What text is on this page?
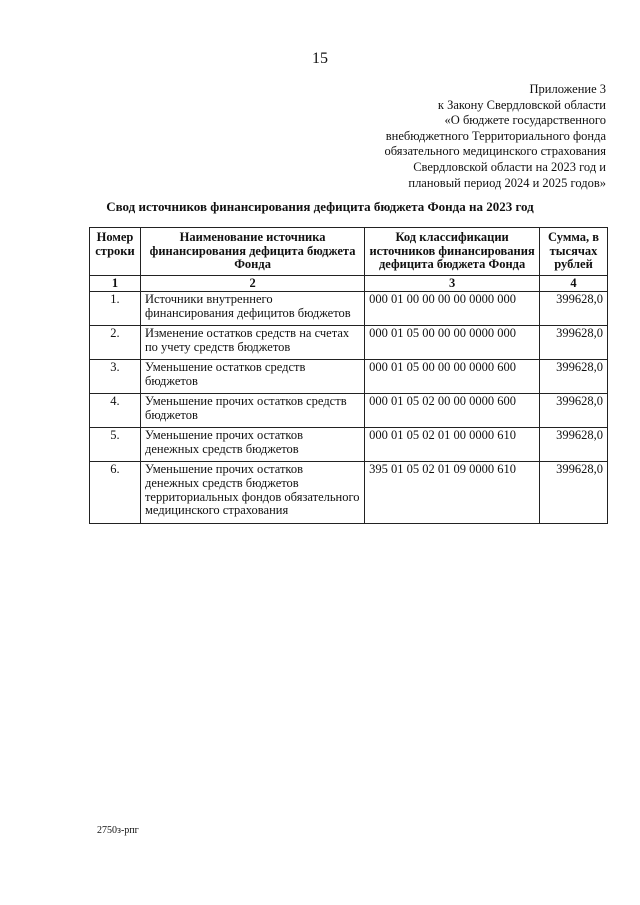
15
Приложение 3
к Закону Свердловской области
«О бюджете государственного
внебюджетного Территориального фонда
обязательного медицинского страхования
Свердловской области на 2023 год и
плановый период 2024 и 2025 годов»
Свод источников финансирования дефицита бюджета Фонда на 2023 год
Номер строки	Наименование источника финансирования дефицита бюджета Фонда	Код классификации источников финансирования дефицита бюджета Фонда	Сумма, в тысячах рублей
1	2	3	4
1.	Источники внутреннего финансирования дефицитов бюджетов	000 01 00 00 00 00 0000 000	399628,0
2.	Изменение остатков средств на счетах по учету средств бюджетов	000 01 05 00 00 00 0000 000	399628,0
3.	Уменьшение остатков средств бюджетов	000 01 05 00 00 00 0000 600	399628,0
4.	Уменьшение прочих остатков средств бюджетов	000 01 05 02 00 00 0000 600	399628,0
5.	Уменьшение прочих остатков денежных средств бюджетов	000 01 05 02 01 00 0000 610	399628,0
6.	Уменьшение прочих остатков денежных средств бюджетов территориальных фондов обязательного медицинского страхования	395 01 05 02 01 09 0000 610	399628,0
2750з-рпг
